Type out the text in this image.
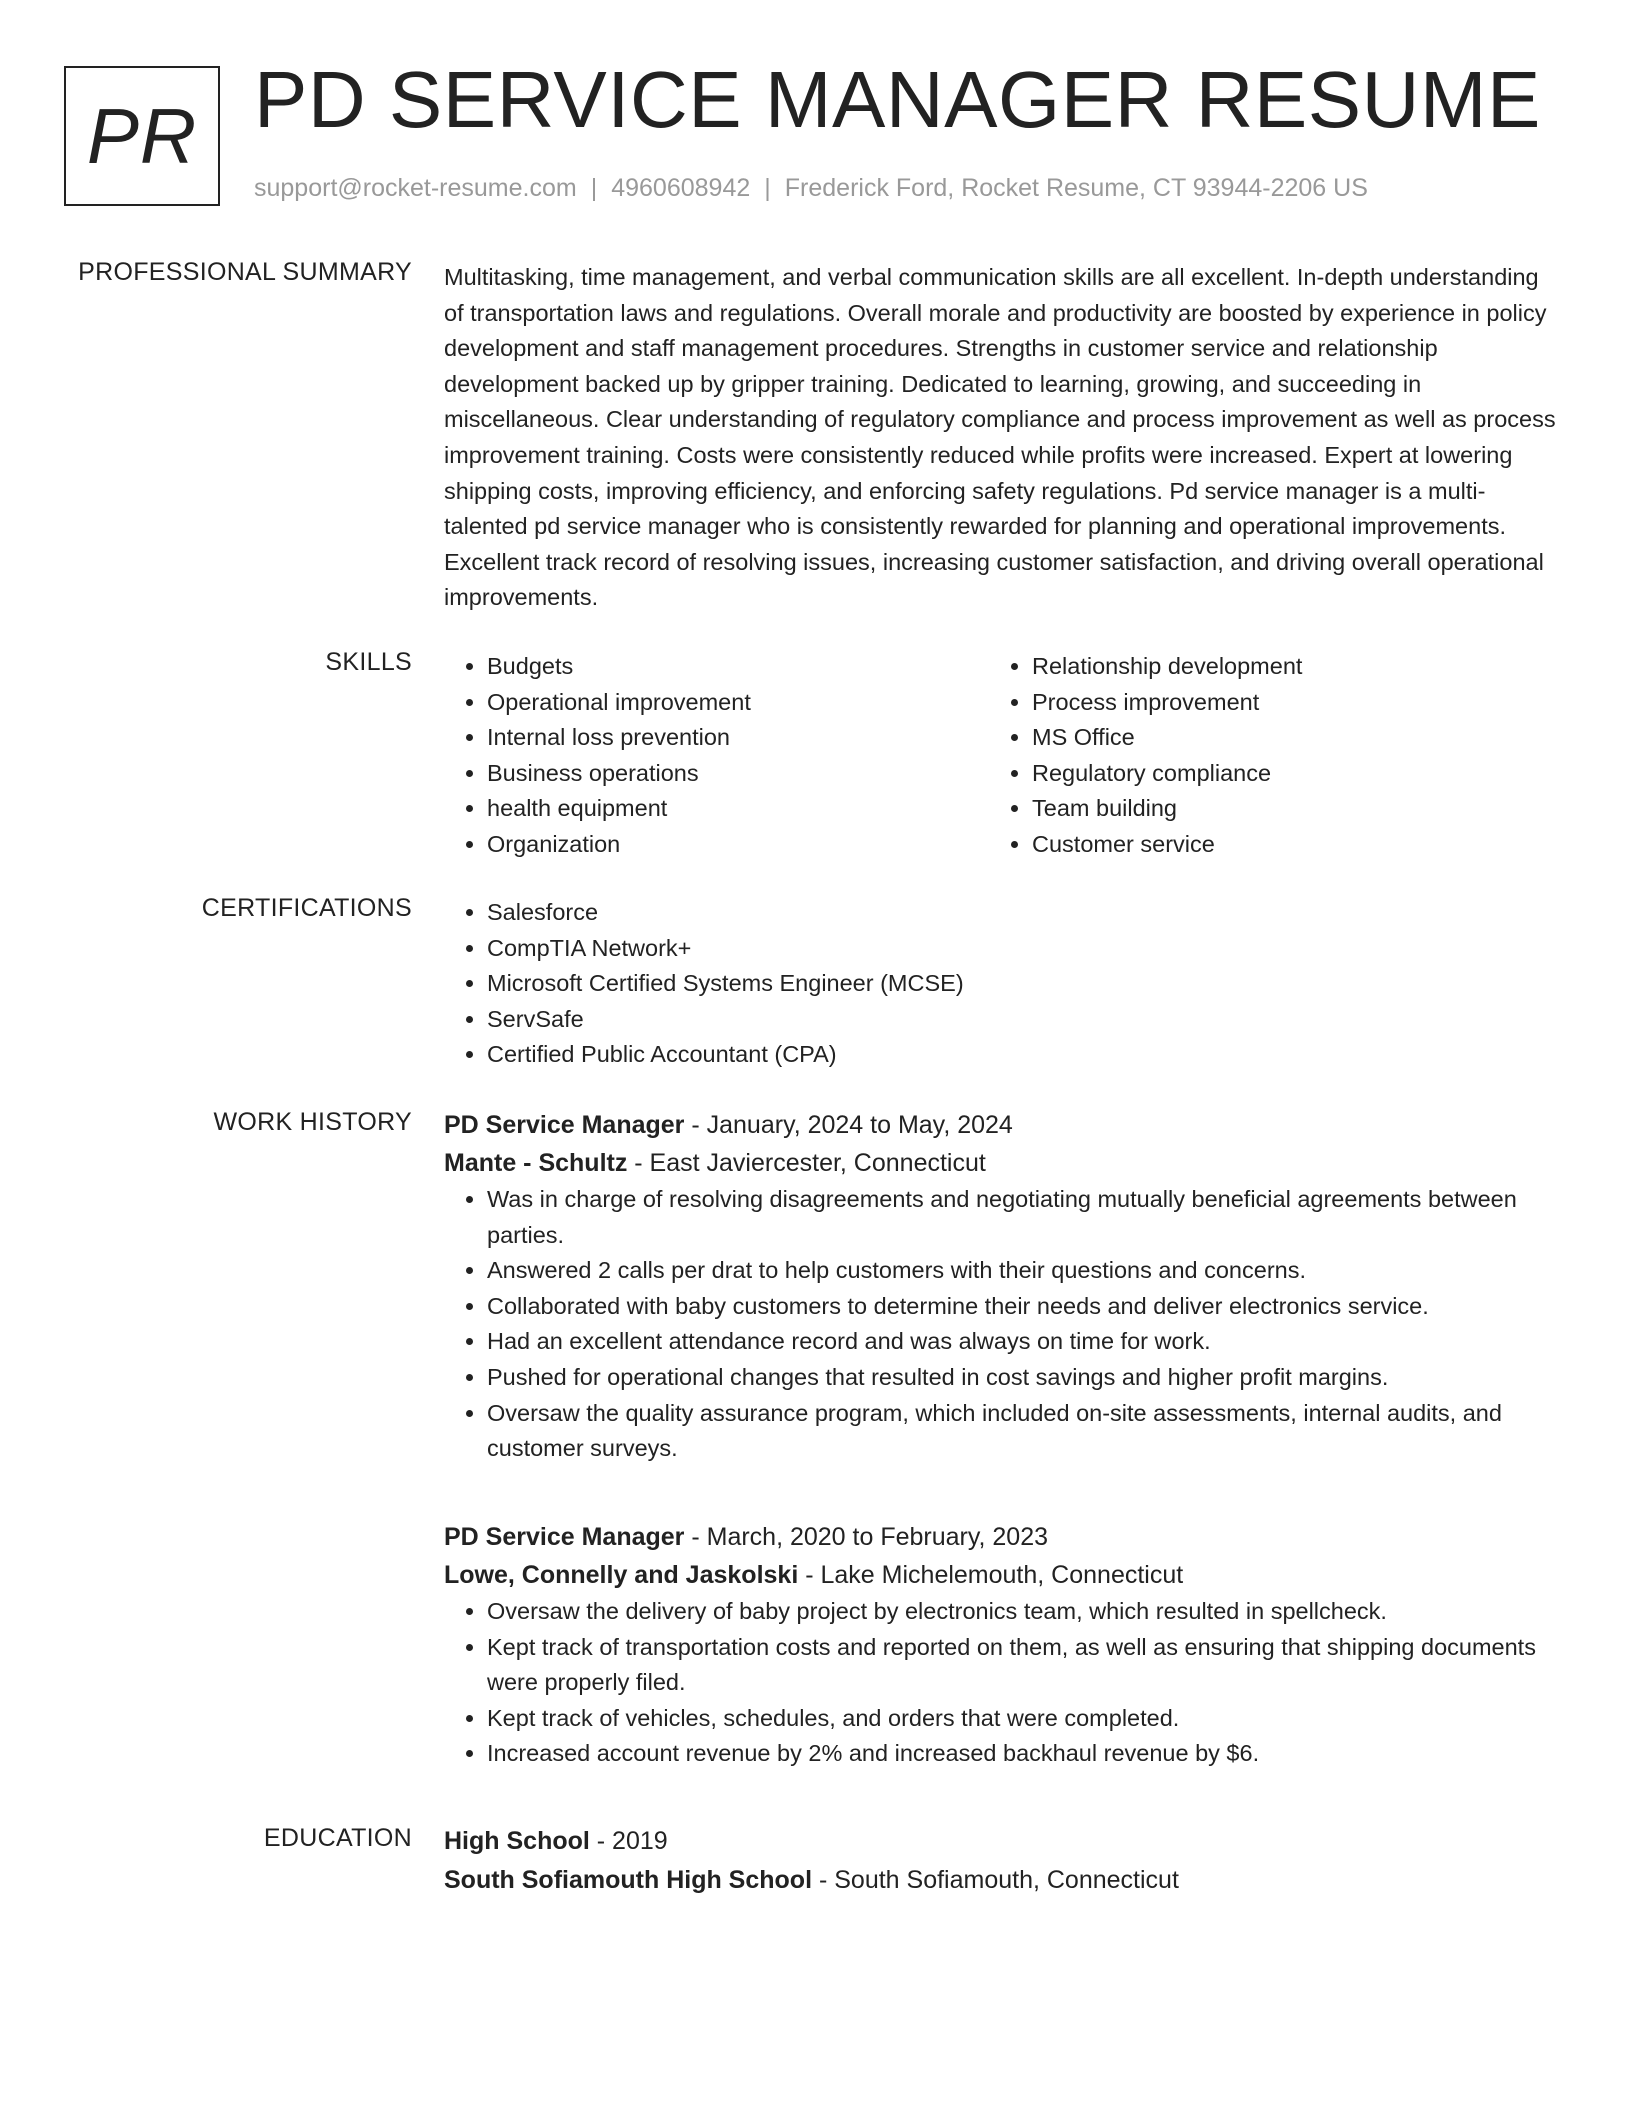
PR PD SERVICE MANAGER RESUME
support@rocket-resume.com | 4960608942 | Frederick Ford, Rocket Resume, CT 93944-2206 US
PROFESSIONAL SUMMARY Multitasking, time management, and verbal communication skills are all excellent. In-depth understanding of transportation laws and regulations. Overall morale and productivity are boosted by experience in policy development and staff management procedures. Strengths in customer service and relationship development backed up by gripper training. Dedicated to learning, growing, and succeeding in miscellaneous. Clear understanding of regulatory compliance and process improvement as well as process improvement training. Costs were consistently reduced while profits were increased. Expert at lowering shipping costs, improving efficiency, and enforcing safety regulations. Pd service manager is a multi-talented pd service manager who is consistently rewarded for planning and operational improvements. Excellent track record of resolving issues, increasing customer satisfaction, and driving overall operational improvements.

SKILLS	• Budgets
• Operational improvement
• Internal loss prevention
• Business operations
• health equipment
• Organization
• Relationship development
• Process improvement
• MS Office
• Regulatory compliance
• Team building
• Customer service
CERTIFICATIONS	• Salesforce
• CompTIA Network+
• Microsoft Certified Systems Engineer (MCSE)
• ServSafe
• Certified Public Accountant (CPA)
WORK HISTORY PD Service Manager - January, 2024 to May, 2024
Mante - Schultz - East Javiercester, Connecticut
• Was in charge of resolving disagreements and negotiating mutually beneficial agreements between parties.
• Answered 2 calls per drat to help customers with their questions and concerns.
• Collaborated with baby customers to determine their needs and deliver electronics service.
• Had an excellent attendance record and was always on time for work.
• Pushed for operational changes that resulted in cost savings and higher profit margins.
• Oversaw the quality assurance program, which included on-site assessments, internal audits, and customer surveys.
PD Service Manager - March, 2020 to February, 2023
Lowe, Connelly and Jaskolski - Lake Michelemouth, Connecticut
• Oversaw the delivery of baby project by electronics team, which resulted in spellcheck.
• Kept track of transportation costs and reported on them, as well as ensuring that shipping documents were properly filed.
• Kept track of vehicles, schedules, and orders that were completed.
• Increased account revenue by 2% and increased backhaul revenue by $6.
EDUCATION High School - 2019
South Sofiamouth High School - South Sofiamouth, Connecticut
